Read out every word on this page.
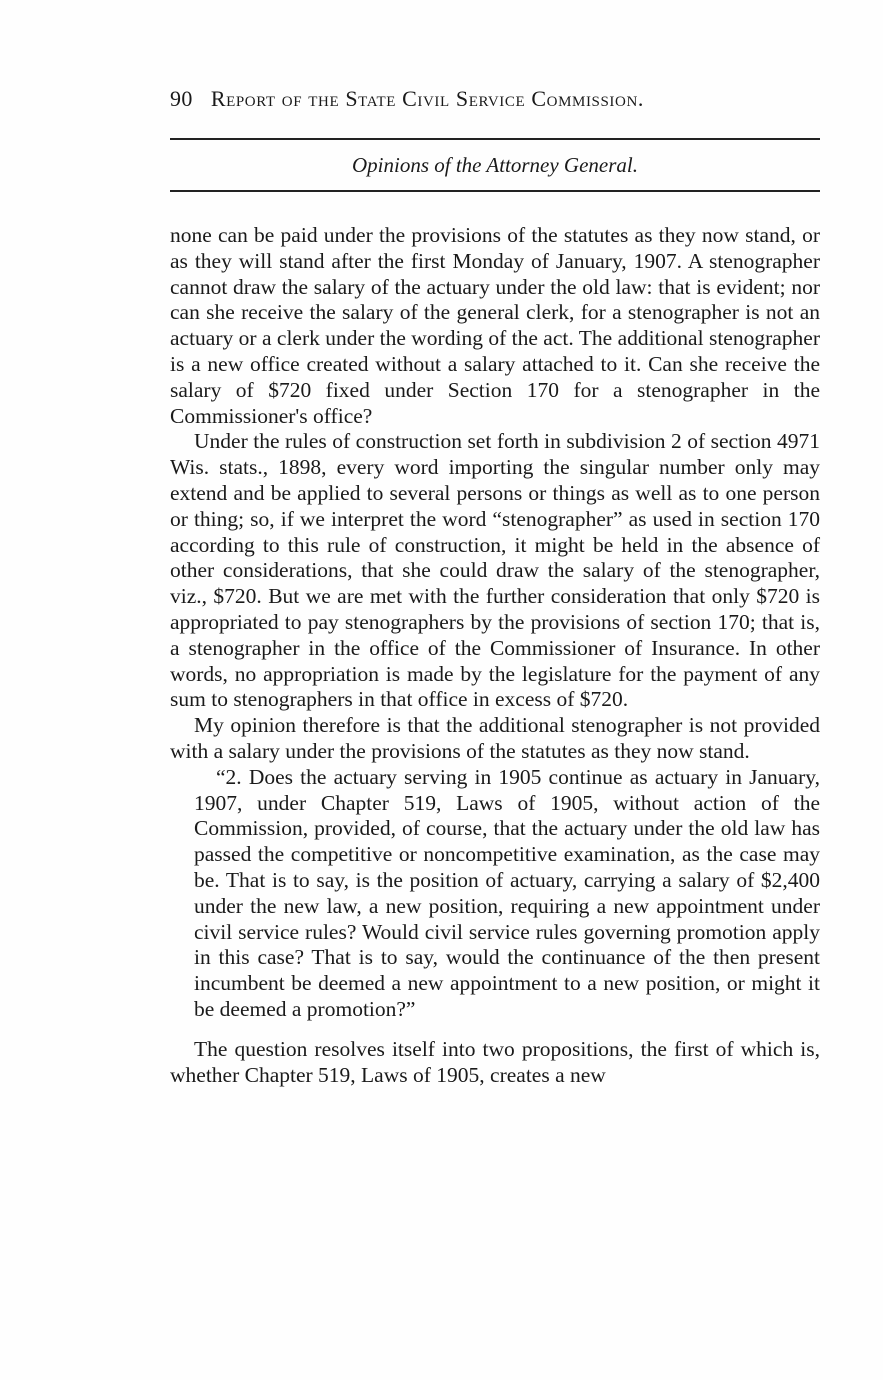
90 Report of the State Civil Service Commission.
Opinions of the Attorney General.

none can be paid under the provisions of the statutes as they now stand, or as they will stand after the first Monday of January, 1907. A stenographer cannot draw the salary of the actuary under the old law: that is evident; nor can she receive the salary of the general clerk, for a stenographer is not an actuary or a clerk under the wording of the act. The additional stenographer is a new office created without a salary attached to it. Can she receive the salary of $720 fixed under Section 170 for a stenographer in the Commissioner's office?

Under the rules of construction set forth in subdivision 2 of section 4971 Wis. stats., 1898, every word importing the singular number only may extend and be applied to several persons or things as well as to one person or thing; so, if we interpret the word “stenographer” as used in section 170 according to this rule of construction, it might be held in the absence of other considerations, that she could draw the salary of the stenographer, viz., $720. But we are met with the further consideration that only $720 is appropriated to pay stenographers by the provisions of section 170; that is, a stenographer in the office of the Commissioner of Insurance. In other words, no appropriation is made by the legislature for the payment of any sum to stenographers in that office in excess of $720.

My opinion therefore is that the additional stenographer is not provided with a salary under the provisions of the statutes as they now stand.

“2. Does the actuary serving in 1905 continue as actuary in January, 1907, under Chapter 519, Laws of 1905, without action of the Commission, provided, of course, that the actuary under the old law has passed the competitive or noncompetitive examination, as the case may be. That is to say, is the position of actuary, carrying a salary of $2,400 under the new law, a new position, requiring a new appointment under civil service rules? Would civil service rules governing promotion apply in this case? That is to say, would the continuance of the then present incumbent be deemed a new appointment to a new position, or might it be deemed a promotion?”

The question resolves itself into two propositions, the first of which is, whether Chapter 519, Laws of 1905, creates a new
